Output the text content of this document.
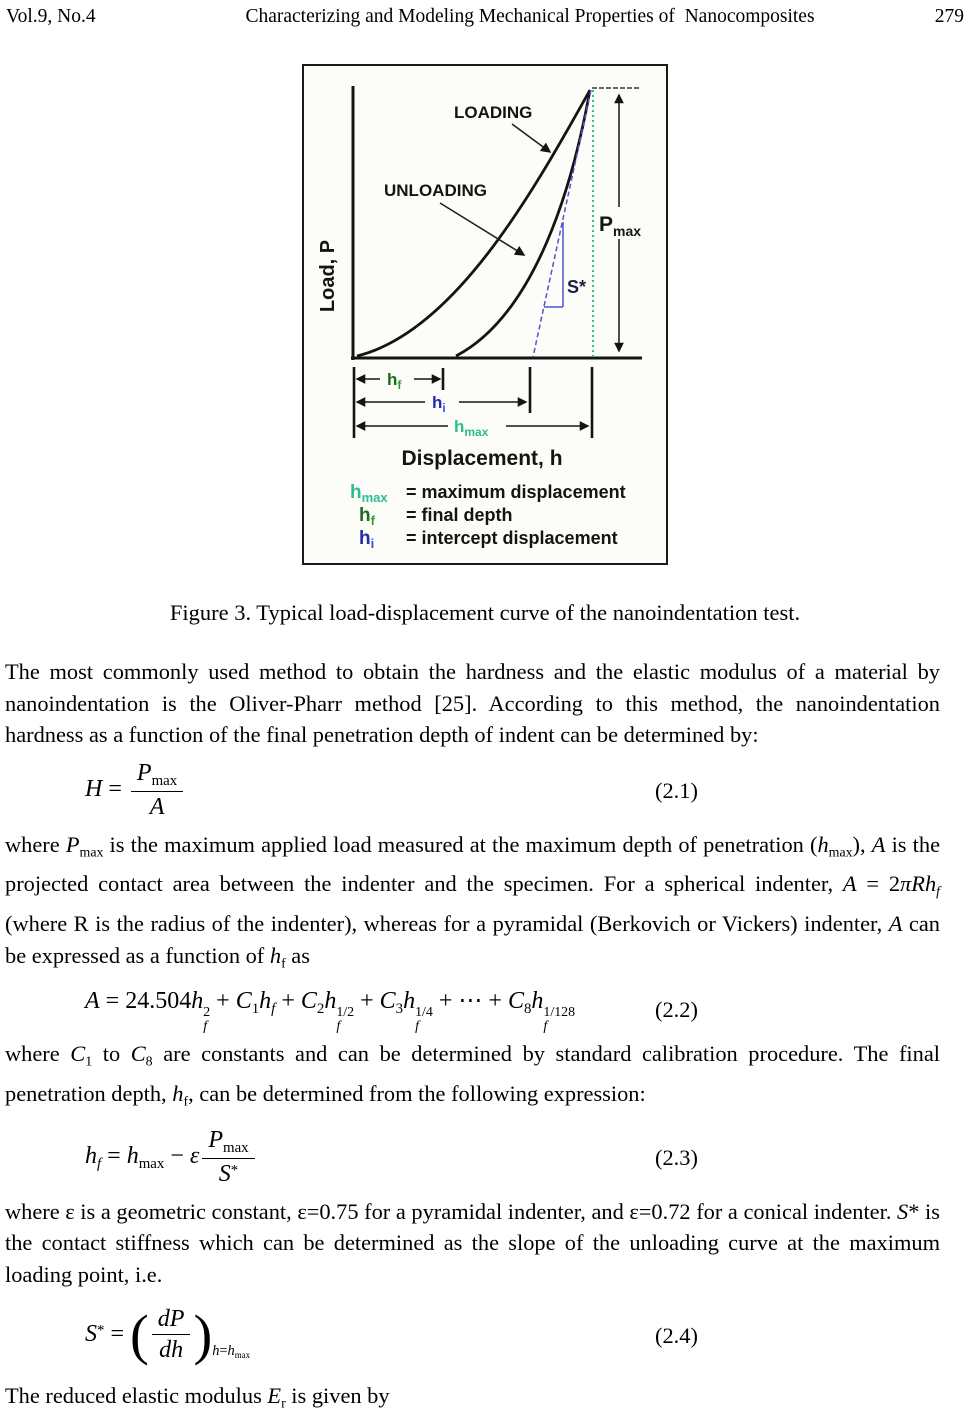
Vol.9, No.4	Characterizing and Modeling Mechanical Properties of  Nanocomposites	279
$P_{max}$
Load, P
LOADING
UNLOADING
S*
$h_f$
$h_i$
$h_{max}$
Displacement, h
$h_{max}$ = maximum displacement
$h_f$ = final depth
$h_i$ = intercept displacement
Figure 3. Typical load-displacement curve of the nanoindentation test.

The most commonly used method to obtain the hardness and the elastic modulus of a material by nanoindentation is the Oliver-Pharr method [25]. According to this method, the nanoindentation hardness as a function of the final penetration depth of indent can be determined by:

$H = \frac{Pmax}{A}$	(2.1)

where Pmax is the maximum applied load measured at the maximum depth of penetration (hmax), A is the projected contact area between the indenter and the specimen. For a spherical indenter, A = 2πRhf (where R is the radius of the indenter), whereas for a pyramidal (Berkovich or Vickers) indenter, A can be expressed as a function of hf as

A = 24.504h 2
f
+ C1hf + C2h 1/2
f
+ C3h 1/4
f
+ ⋯ + C8h 1/128
f
(2.2)

where C1 to C8 are constants and can be determined by standard calibration procedure. The final penetration depth, hf, can be determined from the following expression:

hf = hmax − ε $\frac{Pmax}{S^*}$	(2.3)

where ε is a geometric constant, ε=0.75 for a pyramidal indenter, and ε=0.72 for a conical indenter. S* is the contact stiffness which can be determined as the slope of the unloading curve at the maximum loading point, i.e.

S* = ( $\frac{dP}{dh} )_{h=hmax}$
(2.4)

The reduced elastic modulus Er is given by
